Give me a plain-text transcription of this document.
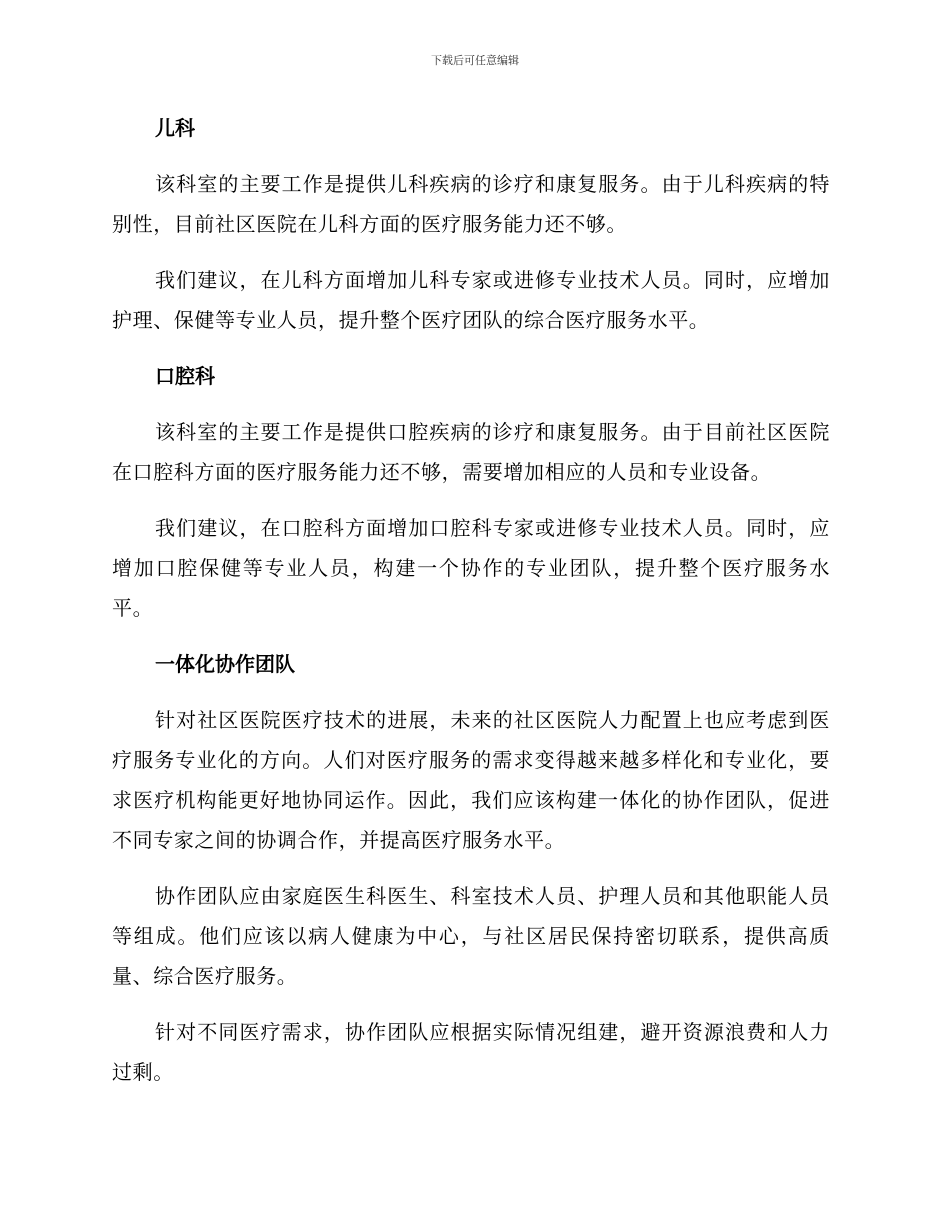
下载后可任意编辑
儿科

该科室的主要工作是提供儿科疾病的诊疗和康复服务。由于儿科疾病的特别性，目前社区医院在儿科方面的医疗服务能力还不够。

我们建议，在儿科方面增加儿科专家或进修专业技术人员。同时，应增加护理、保健等专业人员，提升整个医疗团队的综合医疗服务水平。

口腔科

该科室的主要工作是提供口腔疾病的诊疗和康复服务。由于目前社区医院在口腔科方面的医疗服务能力还不够，需要增加相应的人员和专业设备。

我们建议，在口腔科方面增加口腔科专家或进修专业技术人员。同时，应增加口腔保健等专业人员，构建一个协作的专业团队，提升整个医疗服务水平。

一体化协作团队

针对社区医院医疗技术的进展，未来的社区医院人力配置上也应考虑到医疗服务专业化的方向。人们对医疗服务的需求变得越来越多样化和专业化，要求医疗机构能更好地协同运作。因此，我们应该构建一体化的协作团队，促进不同专家之间的协调合作，并提高医疗服务水平。

协作团队应由家庭医生科医生、科室技术人员、护理人员和其他职能人员等组成。他们应该以病人健康为中心，与社区居民保持密切联系，提供高质量、综合医疗服务。

针对不同医疗需求，协作团队应根据实际情况组建，避开资源浪费和人力过剩。
